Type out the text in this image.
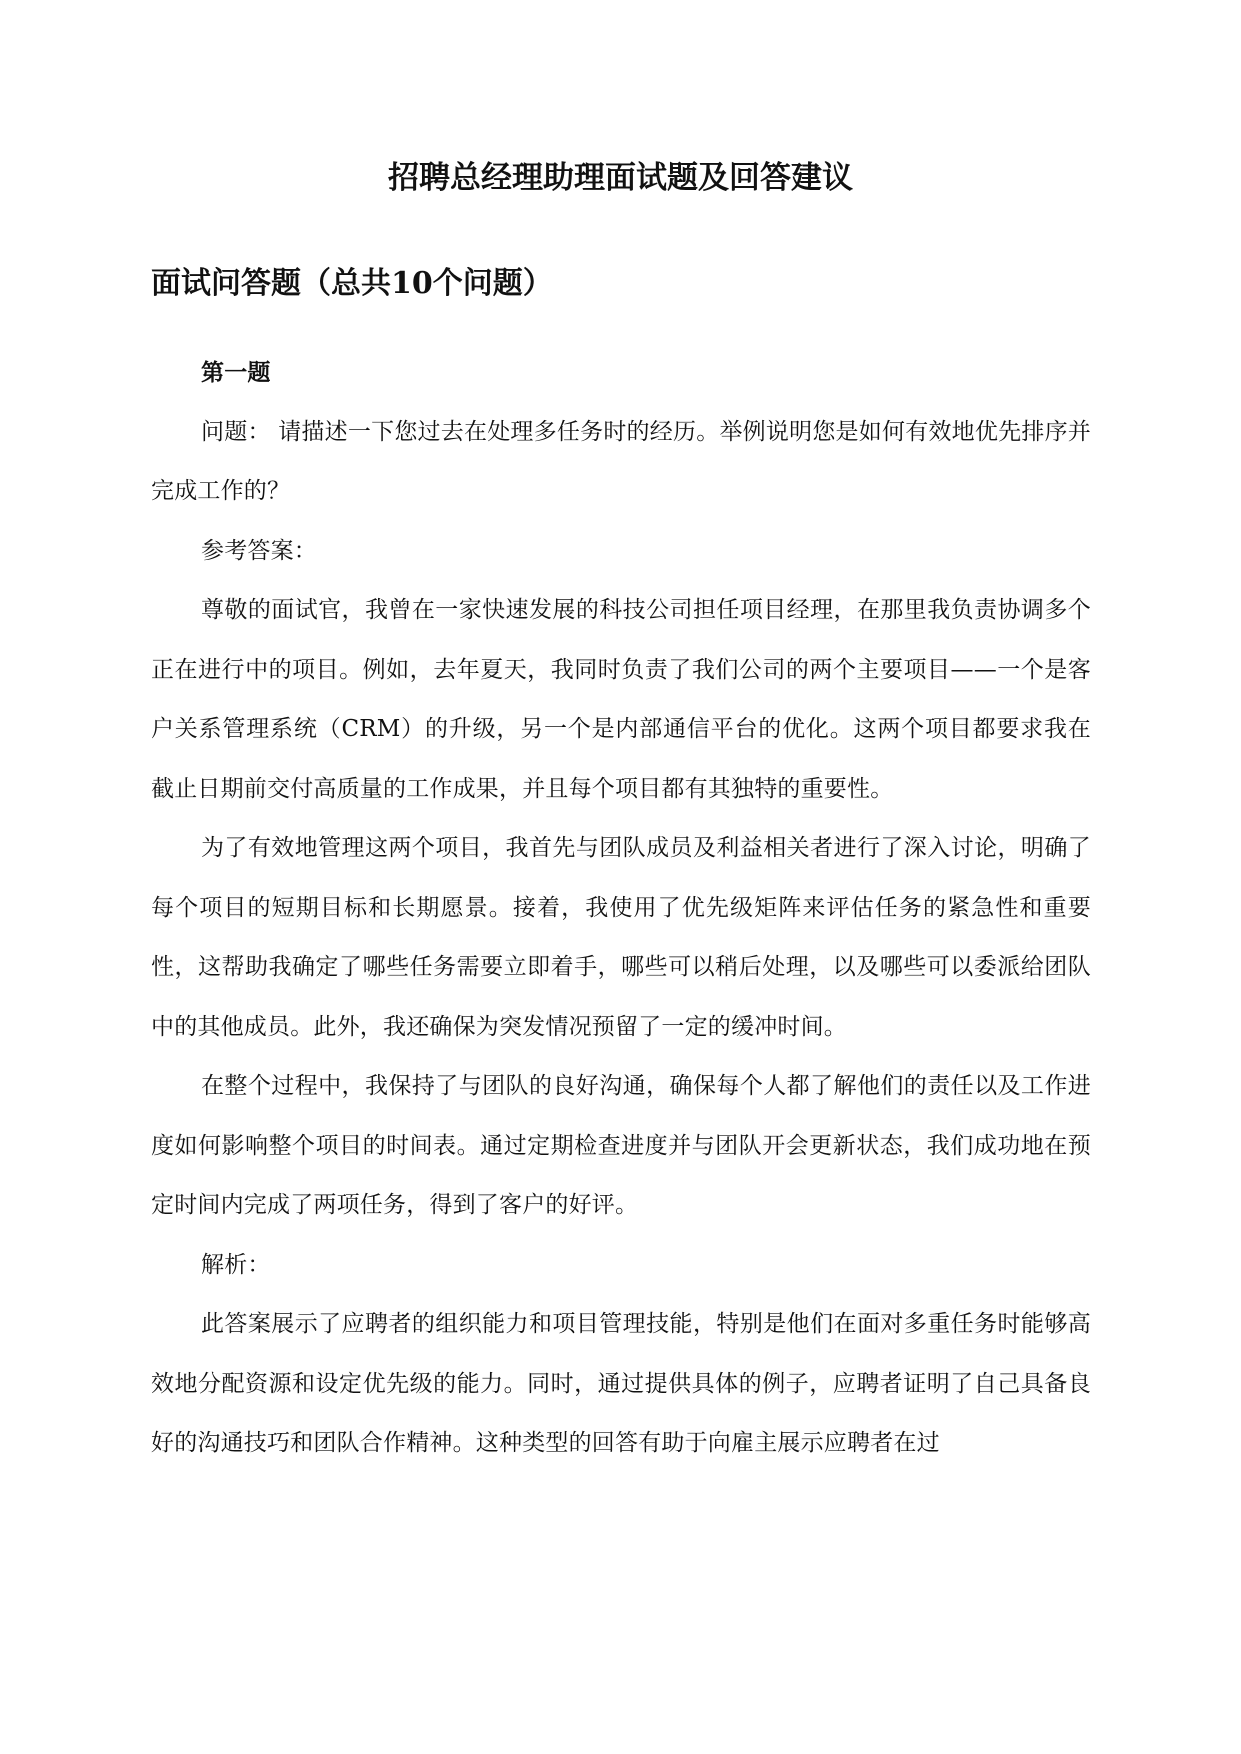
招聘总经理助理面试题及回答建议
面试问答题（总共10个问题）

第一题

问题： 请描述一下您过去在处理多任务时的经历。举例说明您是如何有效地优先排序并完成工作的？

参考答案：

尊敬的面试官，我曾在一家快速发展的科技公司担任项目经理，在那里我负责协调多个正在进行中的项目。例如，去年夏天，我同时负责了我们公司的两个主要项目——一个是客户关系管理系统（CRM）的升级，另一个是内部通信平台的优化。这两个项目都要求我在截止日期前交付高质量的工作成果，并且每个项目都有其独特的重要性。

为了有效地管理这两个项目，我首先与团队成员及利益相关者进行了深入讨论，明确了每个项目的短期目标和长期愿景。接着，我使用了优先级矩阵来评估任务的紧急性和重要性，这帮助我确定了哪些任务需要立即着手，哪些可以稍后处理，以及哪些可以委派给团队中的其他成员。此外，我还确保为突发情况预留了一定的缓冲时间。

在整个过程中，我保持了与团队的良好沟通，确保每个人都了解他们的责任以及工作进度如何影响整个项目的时间表。通过定期检查进度并与团队开会更新状态，我们成功地在预定时间内完成了两项任务，得到了客户的好评。

解析：

此答案展示了应聘者的组织能力和项目管理技能，特别是他们在面对多重任务时能够高效地分配资源和设定优先级的能力。同时，通过提供具体的例子，应聘者证明了自己具备良好的沟通技巧和团队合作精神。这种类型的回答有助于向雇主展示应聘者在过
